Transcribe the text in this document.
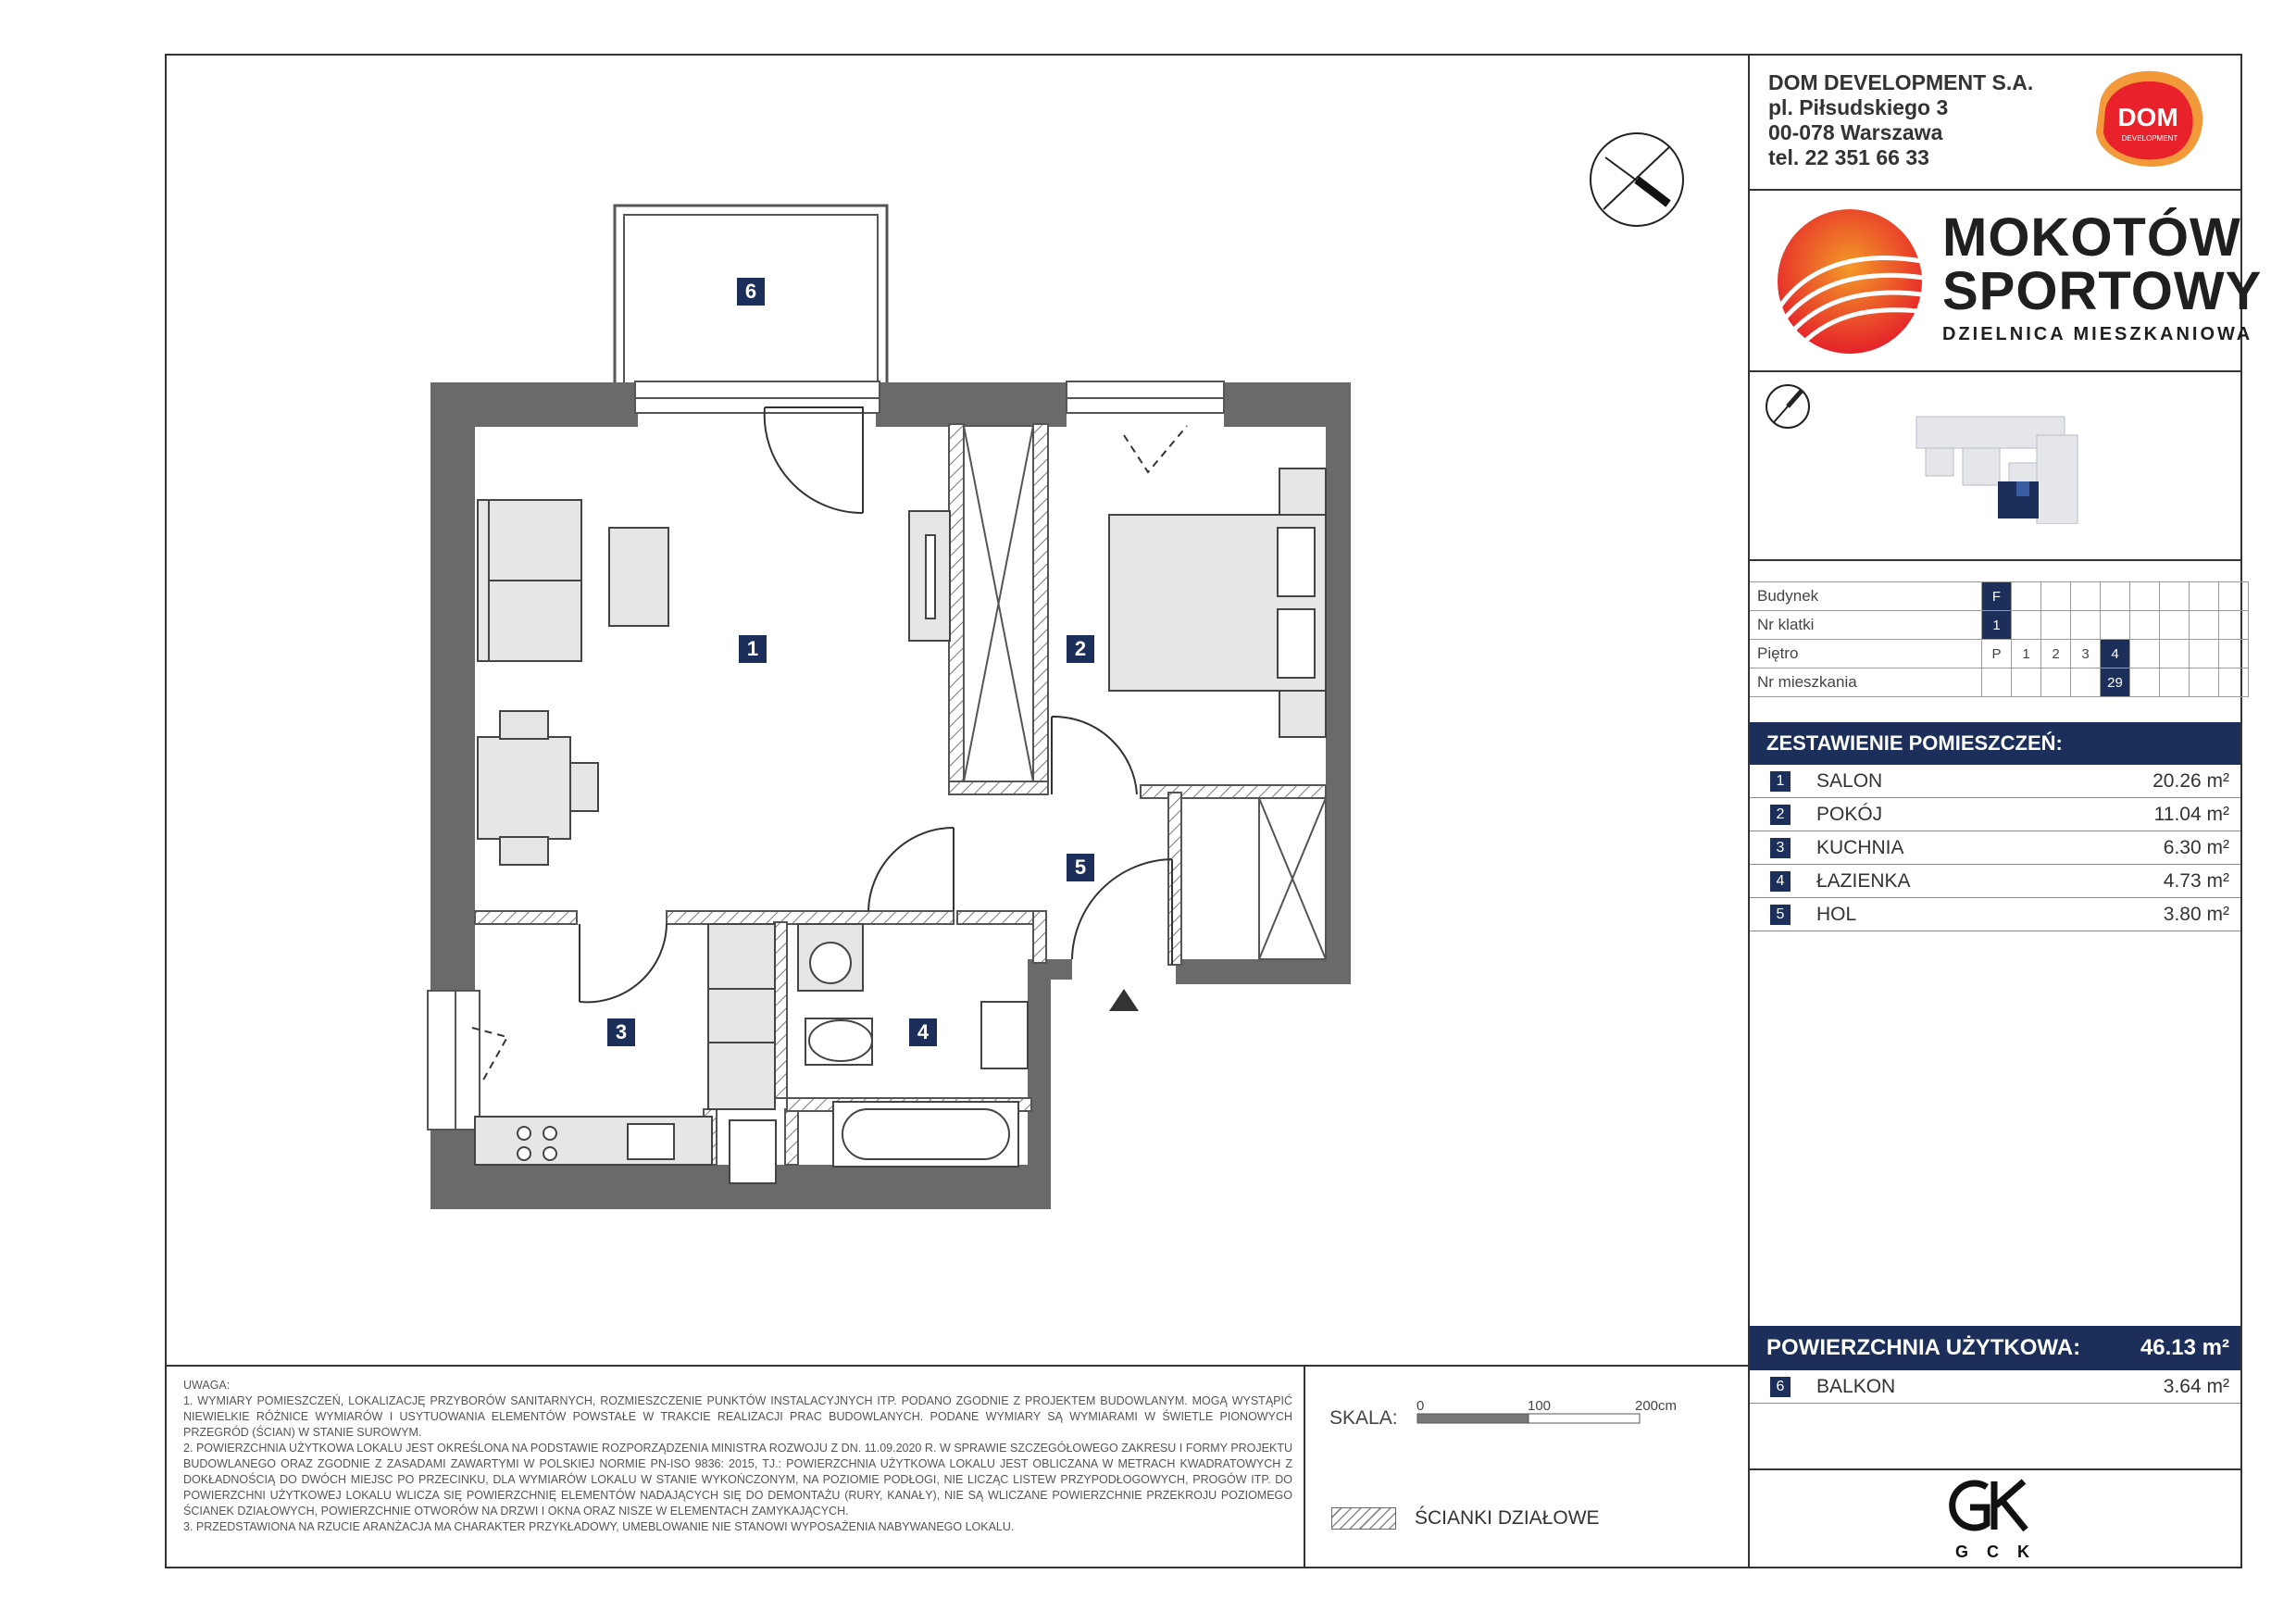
DOM DEVELOPMENT S.A.
pl. Piłsudskiego 3
00-078 Warszawa
tel. 22 351 66 33
DOM
DEVELOPMENT
MOKOTÓW
SPORTOWY
DZIELNICA MIESZKANIOWA
Budynek	F								
Nr klatki	1								
Piętro	P	1	2	3	4				
Nr mieszkania					29				
ZESTAWIENIE POMIESZCZEŃ:
1	SALON	20.26 m²
2	POKÓJ	11.04 m²
3	KUCHNIA	6.30 m²
4	ŁAZIENKA	4.73 m²
5	HOL	3.80 m²
POWIERZCHNIA UŻYTKOWA:	46.13 m²
6	BALKON	3.64 m²
UWAGA:
1. WYMIARY POMIESZCZEŃ, LOKALIZACJĘ PRZYBORÓW SANITARNYCH, ROZMIESZCZENIE PUNKTÓW INSTALACYJNYCH ITP. PODANO ZGODNIE Z PROJEKTEM BUDOWLANYM. MOGĄ WYSTĄPIĆ NIEWIELKIE RÓŻNICE WYMIARÓW I USYTUOWANIA ELEMENTÓW POWSTAŁE W TRAKCIE REALIZACJI PRAC BUDOWLANYCH. PODANE WYMIARY SĄ WYMIARAMI W ŚWIETLE PIONOWYCH PRZEGRÓD (ŚCIAN) W STANIE SUROWYM.
2. POWIERZCHNIA UŻYTKOWA LOKALU JEST OKREŚLONA NA PODSTAWIE ROZPORZĄDZENIA MINISTRA ROZWOJU Z DN. 11.09.2020 R. W SPRAWIE SZCZEGÓŁOWEGO ZAKRESU I FORMY PROJEKTU BUDOWLANEGO ORAZ ZGODNIE Z ZASADAMI ZAWARTYMI W POLSKIEJ NORMIE PN-ISO 9836: 2015, TJ.: POWIERZCHNIA UŻYTKOWA LOKALU JEST OBLICZANA W METRACH KWADRATOWYCH Z DOKŁADNOŚCIĄ DO DWÓCH MIEJSC PO PRZECINKU, DLA WYMIARÓW LOKALU W STANIE WYKOŃCZONYM, NA POZIOMIE PODŁOGI, NIE LICZĄC LISTEW PRZYPODŁOGOWYCH, PROGÓW ITP. DO POWIERZCHNI UŻYTKOWEJ LOKALU WLICZA SIĘ POWIERZCHNIĘ ELEMENTÓW NADAJĄCYCH SIĘ DO DEMONTAŻU (RURY, KANAŁY), NIE SĄ WLICZANE POWIERZCHNIE PRZEKROJU POZIOMEGO ŚCIANEK DZIAŁOWYCH, POWIERZCHNIE OTWORÓW NA DRZWI I OKNA ORAZ NISZE W ELEMENTACH ZAMYKAJĄCYCH.
3. PRZEDSTAWIONA NA RZUCIE ARANŻACJA MA CHARAKTER PRZYKŁADOWY, UMEBLOWANIE NIE STANOWI WYPOSAŻENIA NABYWANEGO LOKALU.
SKALA:
0	100	200cm
ŚCIANKI DZIAŁOWE
GCK
1	2
3	4
5
6
